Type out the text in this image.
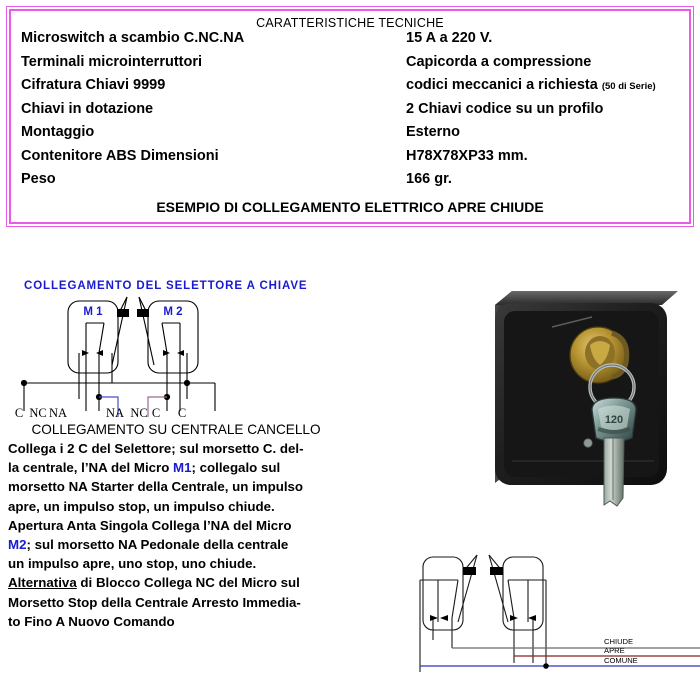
CARATTERISTICHE TECNICHE
Microswitch a scambio C.NC.NA	15 A a 220 V.
Terminali microinterruttori	Capicorda a compressione
Cifratura Chiavi 9999	codici meccanici a richiesta (50 di Serie)
Chiavi in dotazione	2 Chiavi codice su un profilo
Montaggio	Esterno
Contenitore ABS Dimensioni	H78X78XP33 mm.
Peso	166 gr.
ESEMPIO DI COLLEGAMENTO ELETTRICO APRE CHIUDE
COLLEGAMENTO DEL SELETTORE A CHIAVE
C NC NA	NA NC C C
M 1	M 2
COLLEGAMENTO SU CENTRALE CANCELLO
Collega i 2 C del Selettore; sul morsetto C. del-
la centrale, l’NA del Micro M1; collegalo sul
morsetto NA Starter della Centrale, un impulso
apre, un impulso stop, un impulso chiude.
Apertura Anta Singola Collega l’NA del Micro
M2; sul morsetto NA Pedonale della centrale
un impulso apre, uno stop, uno chiude.
Alternativa di Blocco Collega NC del Micro sul
Morsetto Stop della Centrale Arresto Immedia-
to Fino A Nuovo Comando
120
CHIUDE
APRE
COMUNE
